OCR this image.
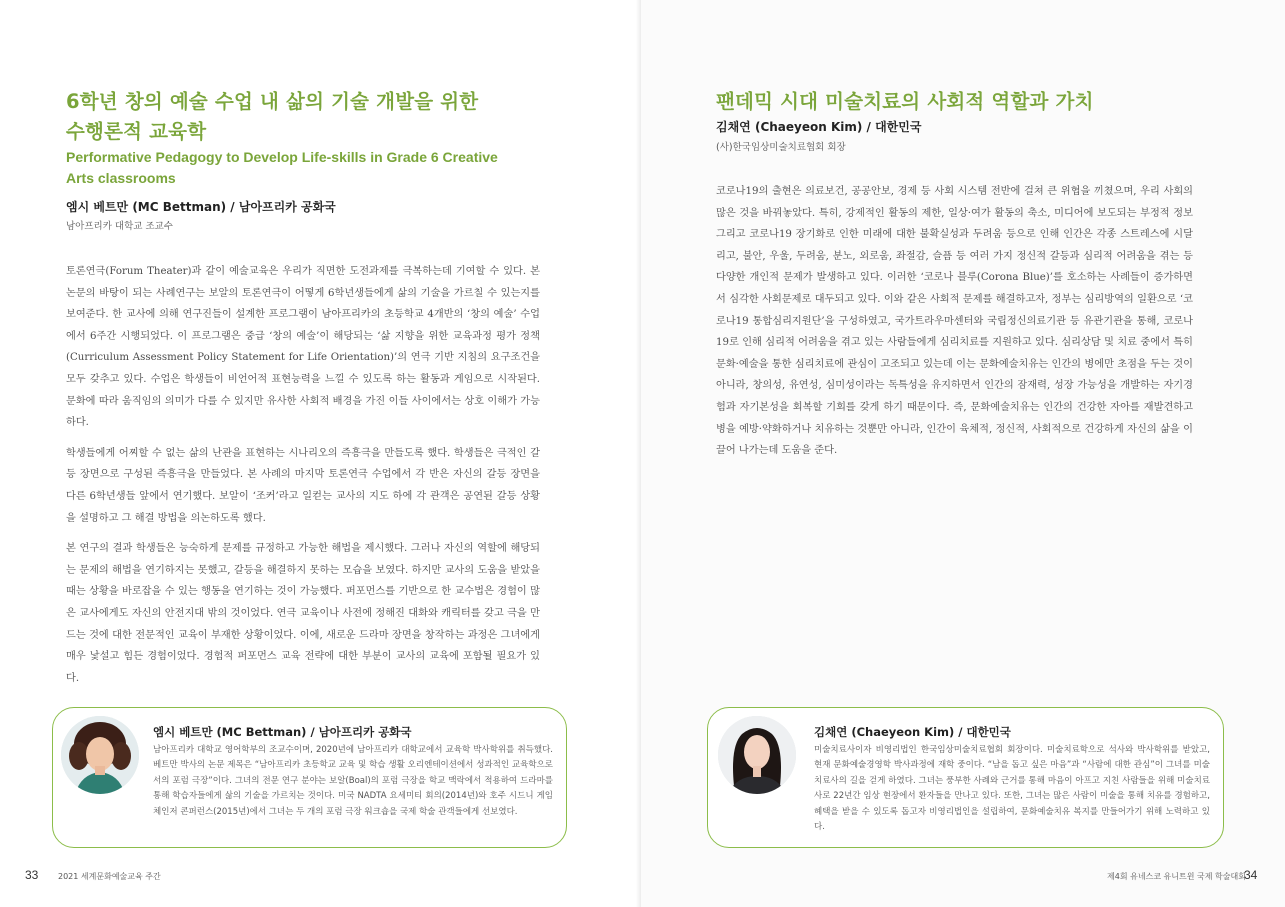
6학년 창의 예술 수업 내 삶의 기술 개발을 위한
수행론적 교육학
Performative Pedagogy to Develop Life-skills in Grade 6 Creative
Arts classrooms

엠시 베트만 (MC Bettman) / 남아프리카 공화국

남아프리카 대학교 조교수

토론연극(Forum Theater)과 같이 예술교육은 우리가 직면한 도전과제를 극복하는데 기여할 수 있다. 본 논문의 바탕이 되는 사례연구는 보알의 토론연극이 어떻게 6학년생들에게 삶의 기술을 가르칠 수 있는지를 보여준다. 한 교사에 의해 연구진들이 설계한 프로그램이 남아프리카의 초등학교 4개반의 ‘창의 예술’ 수업에서 6주간 시행되었다. 이 프로그램은 중급 ‘창의 예술’이 해당되는 ‘삶 지향을 위한 교육과정 평가 정책(Curriculum Assessment Policy Statement for Life Orientation)’의 연극 기반 지침의 요구조건을 모두 갖추고 있다. 수업은 학생들이 비언어적 표현능력을 느낄 수 있도록 하는 활동과 게임으로 시작된다. 문화에 따라 움직임의 의미가 다를 수 있지만 유사한 사회적 배경을 가진 이들 사이에서는 상호 이해가 가능하다.

학생들에게 어찌할 수 없는 삶의 난관을 표현하는 시나리오의 즉흥극을 만들도록 했다. 학생들은 극적인 갈등 장면으로 구성된 즉흥극을 만들었다. 본 사례의 마지막 토론연극 수업에서 각 반은 자신의 갈등 장면을 다른 6학년생들 앞에서 연기했다. 보알이 ‘조커’라고 일컫는 교사의 지도 하에 각 관객은 공연된 갈등 상황을 설명하고 그 해결 방법을 의논하도록 했다.

본 연구의 결과 학생들은 능숙하게 문제를 규정하고 가능한 해법을 제시했다. 그러나 자신의 역할에 해당되는 문제의 해법을 연기하지는 못했고, 갈등을 해결하지 못하는 모습을 보였다. 하지만 교사의 도움을 받았을 때는 상황을 바로잡을 수 있는 행동을 연기하는 것이 가능했다. 퍼포먼스를 기반으로 한 교수법은 경험이 많은 교사에게도 자신의 안전지대 밖의 것이었다. 연극 교육이나 사전에 정해진 대화와 캐릭터를 갖고 극을 만드는 것에 대한 전문적인 교육이 부재한 상황이었다. 이에, 새로운 드라마 장면을 창작하는 과정은 그녀에게 매우 낯설고 힘든 경험이었다. 경험적 퍼포먼스 교육 전략에 대한 부분이 교사의 교육에 포함될 필요가 있다.

엠시 베트만 (MC Bettman) / 남아프리카 공화국

남아프리카 대학교 영어학부의 조교수이며, 2020년에 남아프리카 대학교에서 교육학 박사학위를 취득했다. 베트만 박사의 논문 제목은 “남아프리카 초등학교 교육 및 학습 생활 오리엔테이션에서 성과적인 교육학으로서의 포럼 극장”이다. 그녀의 전문 연구 분야는 보알(Boal)의 포럼 극장을 학교 맥락에서 적용하여 드라마를 통해 학습자들에게 삶의 기술을 가르치는 것이다. 미국 NADTA 요세미티 회의(2014년)와 호주 시드니 게임 체인저 콘퍼런스(2015년)에서 그녀는 두 개의 포럼 극장 워크숍을 국제 학술 관객들에게 선보였다.

33 2021 세계문화예술교육 주간
팬데믹 시대 미술치료의 사회적 역할과 가치

김채연 (Chaeyeon Kim) / 대한민국

(사)한국임상미술치료협회 회장

코로나19의 출현은 의료보건, 공공안보, 경제 등 사회 시스템 전반에 걸쳐 큰 위협을 끼쳤으며, 우리 사회의 많은 것을 바꿔놓았다. 특히, 강제적인 활동의 제한, 일상·여가 활동의 축소, 미디어에 보도되는 부정적 정보 그리고 코로나19 장기화로 인한 미래에 대한 불확실성과 두려움 등으로 인해 인간은 각종 스트레스에 시달리고, 불안, 우울, 두려움, 분노, 외로움, 좌절감, 슬픔 등 여러 가지 정신적 갈등과 심리적 어려움을 겪는 등 다양한 개인적 문제가 발생하고 있다. 이러한 ‘코로나 블루(Corona Blue)’를 호소하는 사례들이 증가하면서 심각한 사회문제로 대두되고 있다. 이와 같은 사회적 문제를 해결하고자, 정부는 심리방역의 일환으로 ‘코로나19 통합심리지원단’을 구성하였고, 국가트라우마센터와 국립정신의료기관 등 유관기관을 통해, 코로나19로 인해 심리적 어려움을 겪고 있는 사람들에게 심리치료를 지원하고 있다. 심리상담 및 치료 중에서 특히 문화·예술을 통한 심리치료에 관심이 고조되고 있는데 이는 문화예술치유는 인간의 병에만 초점을 두는 것이 아니라, 창의성, 유연성, 심미성이라는 독특성을 유지하면서 인간의 잠재력, 성장 가능성을 개발하는 자기경험과 자기본성을 회복할 기회를 갖게 하기 때문이다. 즉, 문화예술치유는 인간의 건강한 자아를 재발견하고 병을 예방·약화하거나 치유하는 것뿐만 아니라, 인간이 육체적, 정신적, 사회적으로 건강하게 자신의 삶을 이끌어 나가는데 도움을 준다.

김채연 (Chaeyeon Kim) / 대한민국

미술치료사이자 비영리법인 한국임상미술치료협회 회장이다. 미술치료학으로 석사와 박사학위를 받았고, 현재 문화예술경영학 박사과정에 재학 중이다. “남을 돕고 싶은 마음”과 “사람에 대한 관심”이 그녀를 미술치료사의 길을 걷게 하였다. 그녀는 풍부한 사례와 근거를 통해 마음이 아프고 지친 사람들을 위해 미술치료사로 22년간 임상 현장에서 환자들을 만나고 있다. 또한, 그녀는 많은 사람이 미술을 통해 치유를 경험하고, 혜택을 받을 수 있도록 돕고자 비영리법인을 설립하여, 문화예술치유 복지를 만들어가기 위해 노력하고 있다.

제4회 유네스코 유니트윈 국제 학술대회
34
